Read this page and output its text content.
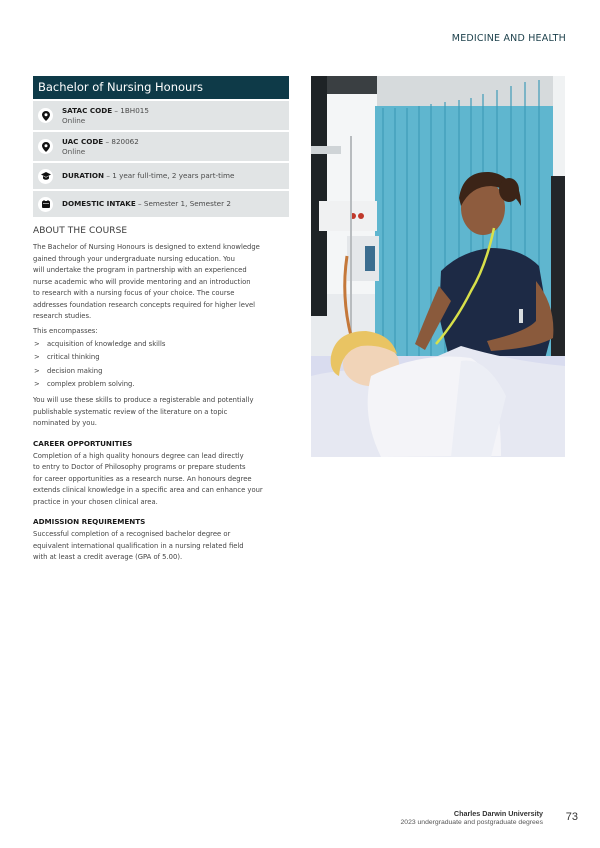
MEDICINE AND HEALTH
Bachelor of Nursing Honours
SATAC CODE – 1BH015
Online
UAC CODE – 820062
Online
DURATION – 1 year full-time, 2 years part-time
DOMESTIC INTAKE – Semester 1, Semester 2
ABOUT THE COURSE
The Bachelor of Nursing Honours is designed to extend knowledge
gained through your undergraduate nursing education. You
will undertake the program in partnership with an experienced
nurse academic who will provide mentoring and an introduction
to research with a nursing focus of your choice. The course
addresses foundation research concepts required for higher level
research studies.
This encompasses:
>	acquisition of knowledge and skills
>	critical thinking
>	decision making
>	complex problem solving.
You will use these skills to produce a registerable and potentially
publishable systematic review of the literature on a topic
nominated by you.
CAREER OPPORTUNITIES
Completion of a high quality honours degree can lead directly
to entry to Doctor of Philosophy programs or prepare students
for career opportunities as a research nurse. An honours degree
extends clinical knowledge in a specific area and can enhance your
practice in your chosen clinical area.
ADMISSION REQUIREMENTS
Successful completion of a recognised bachelor degree or
equivalent international qualification in a nursing related field
with at least a credit average (GPA of 5.00).
Charles Darwin University
2023 undergraduate and postgraduate degrees 73
